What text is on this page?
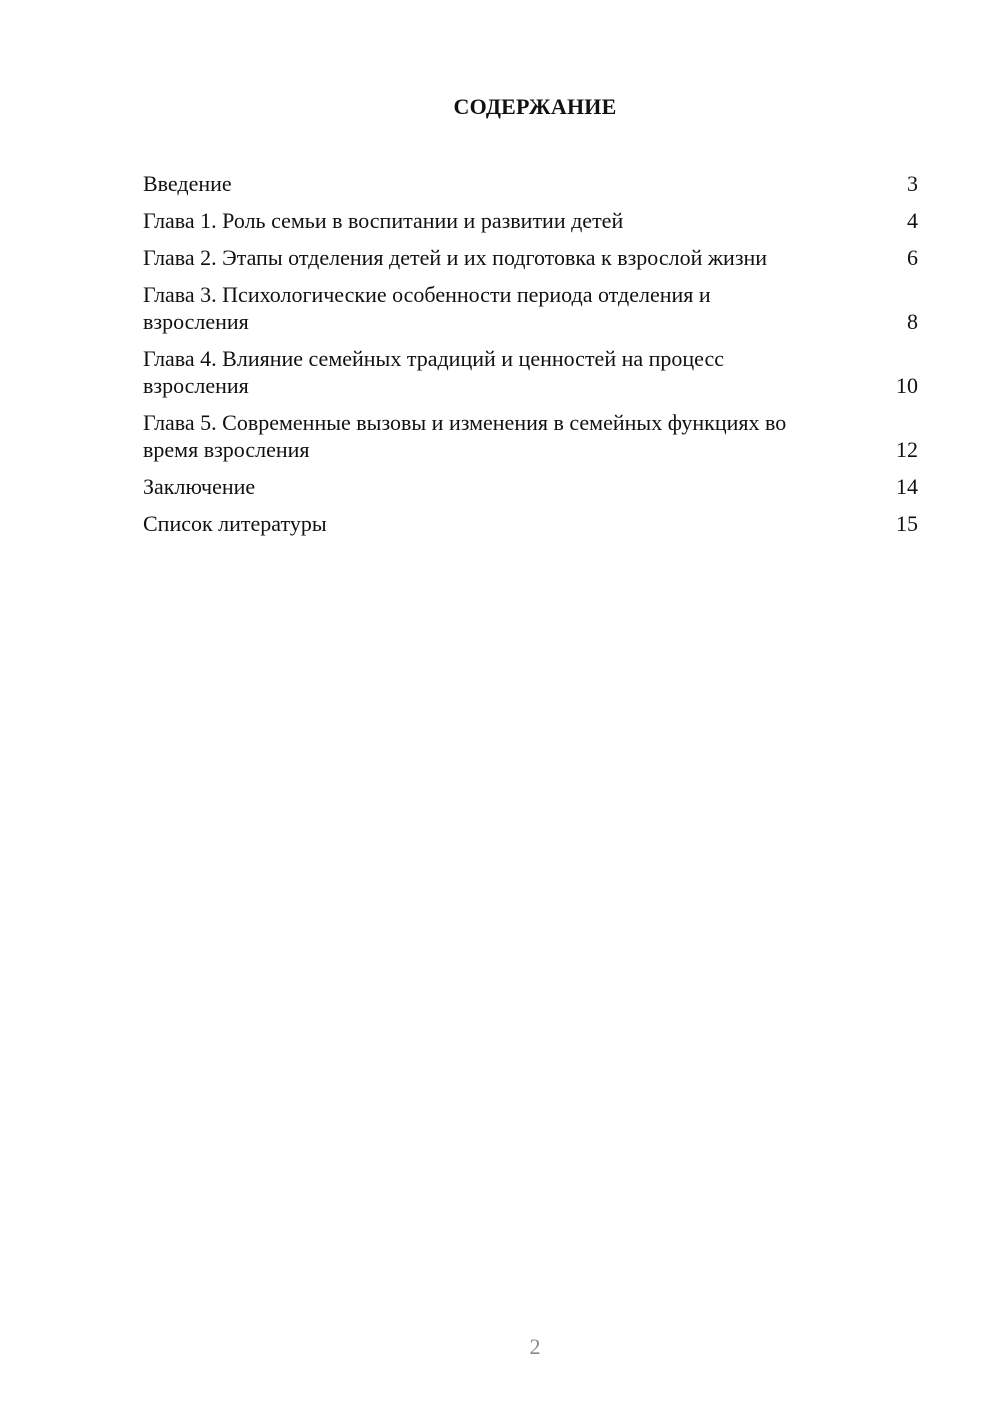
СОДЕРЖАНИЕ
Введение	3
Глава 1. Роль семьи в воспитании и развитии детей	4
Глава 2. Этапы отделения детей и их подготовка к взрослой жизни	6
Глава 3. Психологические особенности периода отделения и взросления	8
Глава 4. Влияние семейных традиций и ценностей на процесс взросления	10
Глава 5. Современные вызовы и изменения в семейных функциях во время взросления	12
Заключение	14
Список литературы	15
2
